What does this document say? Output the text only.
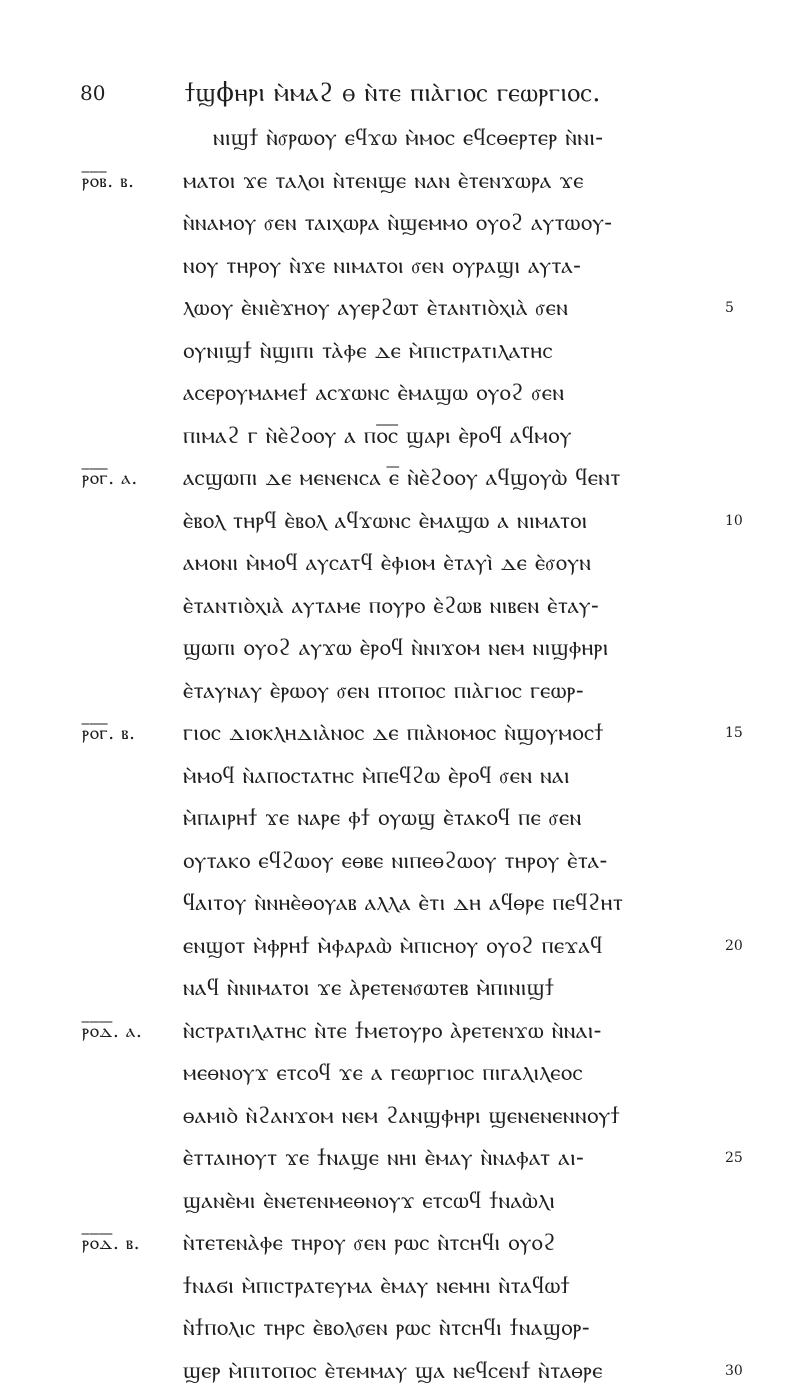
80	ϯϣϕⲏⲣⲓ ⲙ̀ⲙⲁϩ ⲑ ⲛ̀ⲧⲉ ⲡⲓⲁ̀ⲅⲓⲟⲥ ⲅⲉⲱⲣⲅⲓⲟⲥ.
ⲛⲓϣϯ ⲛ̀ⳝⲣⲱⲟⲩ ⲉϥϫⲱ ⲙ̀ⲙⲟⲥ ⲉϥⲥⲑⲉⲣⲧⲉⲣ ⲛ̀ⲛⲓ-
ⲣ̅ⲟ̅ⲃ̅. ⲃ. ⲙⲁⲧⲟⲓ ϫⲉ ⲧⲁⲗⲟⲓ ⲛ̀ⲧⲉⲛϣⲉ ⲛⲁⲛ ⲉ̀ⲧⲉⲛϫⲱⲣⲁ ϫⲉ
ⲛ̀ⲛⲁⲙⲟⲩ ⳝⲉⲛ ⲧⲁⲓⲭⲱⲣⲁ ⲛ̀ϣⲉⲙⲙⲟ ⲟⲩⲟϩ ⲁⲩⲧⲱⲟⲩ-
ⲛⲟⲩ ⲧⲏⲣⲟⲩ ⲛ̀ϫⲉ ⲛⲓⲙⲁⲧⲟⲓ ⳝⲉⲛ ⲟⲩⲣⲁϣⲓ ⲁⲩⲧⲁ-
ⲗⲱⲟⲩ ⲉ̀ⲛⲓⲉ̀ϫⲏⲟⲩ ⲁⲩⲉⲣϩⲱⲧ ⲉ̀ⲧⲁⲛⲧⲓⲟ̀ⲭⲓⲁ̀ ⳝⲉⲛ	5
ⲟⲩⲛⲓϣϯ ⲛ̀ϣⲓⲡⲓ ⲧⲁ̀ⲫⲉ ⲇⲉ ⲙ̀ⲡⲓⲥⲧⲣⲁⲧⲓⲗⲁⲧⲏⲥ
ⲁⲥⲉⲣⲟⲩⲙⲁⲙⲉϯ ⲁⲥϫⲱⲛⲥ ⲉ̀ⲙⲁϣⲱ ⲟⲩⲟϩ ⳝⲉⲛ
ⲡⲓⲙⲁϩ ⲅ ⲛ̀ⲉ̀ϩⲟⲟⲩ ⲁ ⲡⲟ̅ⲥ̅ ϣⲁⲣⲓ ⲉ̀ⲣⲟϥ ⲁϥⲙⲟⲩ
ⲣ̅ⲟ̅ⲅ̅. ⲁ. ⲁⲥϣⲱⲡⲓ ⲇⲉ ⲙⲉⲛⲉⲛⲥⲁ ⲉ̅ ⲛ̀ⲉ̀ϩⲟⲟⲩ ⲁϥϣⲟⲩⲱ̀ ϥⲉⲛⲧ
ⲉ̀ⲃⲟⲗ ⲧⲏⲣϥ ⲉ̀ⲃⲟⲗ ⲁϥϫⲱⲛⲥ ⲉ̀ⲙⲁϣⲱ ⲁ ⲛⲓⲙⲁⲧⲟⲓ	10
ⲁⲙⲟⲛⲓ ⲙ̀ⲙⲟϥ ⲁⲩⲥⲁⲧϥ ⲉ̀ⲫⲓⲟⲙ ⲉ̀ⲧⲁⲩⲓ̀ ⲇⲉ ⲉ̀ⳝⲟⲩⲛ
ⲉ̀ⲧⲁⲛⲧⲓⲟ̀ⲭⲓⲁ̀ ⲁⲩⲧⲁⲙⲉ ⲡⲟⲩⲣⲟ ⲉ̀ϩⲱⲃ ⲛⲓⲃⲉⲛ ⲉ̀ⲧⲁⲩ-
ϣⲱⲡⲓ ⲟⲩⲟϩ ⲁⲩϫⲱ ⲉ̀ⲣⲟϥ ⲛ̀ⲛⲓϫⲟⲙ ⲛⲉⲙ ⲛⲓϣⲫⲏⲣⲓ
ⲉ̀ⲧⲁⲩⲛⲁⲩ ⲉ̀ⲣⲱⲟⲩ ⳝⲉⲛ ⲡⲧⲟⲡⲟⲥ ⲡⲓⲁ̀ⲅⲓⲟⲥ ⲅⲉⲱⲣ-
ⲣ̅ⲟ̅ⲅ̅. ⲃ. ⲅⲓⲟⲥ ⲇⲓⲟⲕⲗⲏⲇⲓⲁ̀ⲛⲟⲥ ⲇⲉ ⲡⲓⲁ̀ⲛⲟⲙⲟⲥ ⲛ̀ϣⲟⲩⲙⲟⲥϯ	15
ⲙ̀ⲙⲟϥ ⲛ̀ⲁⲡⲟⲥⲧⲁⲧⲏⲥ ⲙ̀ⲡⲉϥϩⲱ ⲉ̀ⲣⲟϥ ⳝⲉⲛ ⲛⲁⲓ
ⲙ̀ⲡⲁⲓⲣⲏϯ ϫⲉ ⲛⲁⲣⲉ ⲫϯ ⲟⲩⲱϣ ⲉ̀ⲧⲁⲕⲟϥ ⲡⲉ ⳝⲉⲛ
ⲟⲩⲧⲁⲕⲟ ⲉϥϩⲱⲟⲩ ⲉⲑⲃⲉ ⲛⲓⲡⲉⲑϩⲱⲟⲩ ⲧⲏⲣⲟⲩ ⲉ̀ⲧⲁ-
ϥⲁⲓⲧⲟⲩ ⲛ̀ⲛⲏⲉ̀ⲑⲟⲩⲁⲃ ⲁⲗⲗⲁ ⲉ̀ⲧⲓ ⲇⲏ ⲁϥⲑⲣⲉ ⲡⲉϥϩⲏⲧ
ⲉⲛϣⲟⲧ ⲙ̀ⲫⲣⲏϯ ⲙ̀ⲫⲁⲣⲁⲱ̀ ⲙ̀ⲡⲓⲥⲏⲟⲩ ⲟⲩⲟϩ ⲡⲉϫⲁϥ	20
ⲛⲁϥ ⲛ̀ⲛⲓⲙⲁⲧⲟⲓ ϫⲉ ⲁ̀ⲣⲉⲧⲉⲛⳝⲱⲧⲉⲃ ⲙ̀ⲡⲓⲛⲓϣϯ
ⲣ̅ⲟ̅ⲇ̅. ⲁ. ⲛ̀ⲥⲧⲣⲁⲧⲓⲗⲁⲧⲏⲥ ⲛ̀ⲧⲉ ϯⲙⲉⲧⲟⲩⲣⲟ ⲁ̀ⲣⲉⲧⲉⲛϫⲱ ⲛ̀ⲛⲁⲓ-
ⲙⲉⲑⲛⲟⲩϫ ⲉⲧⲥⲟϥ ϫⲉ ⲁ ⲅⲉⲱⲣⲅⲓⲟⲥ ⲡⲓⲅⲁⲗⲓⲗⲉⲟⲥ
ⲑⲁⲙⲓⲟ̀ ⲛ̀ϩⲁⲛϫⲟⲙ ⲛⲉⲙ ϩⲁⲛϣⲫⲏⲣⲓ ϣⲉⲛⲉⲛⲉⲛⲛⲟⲩϯ
ⲉ̀ⲧⲧⲁⲓⲏⲟⲩⲧ ϫⲉ ϯⲛⲁϣⲉ ⲛⲏⲓ ⲉ̀ⲙⲁⲩ ⲛ̀ⲛⲁⲫⲁⲧ ⲁⲓ-	25
ϣⲁⲛⲉ̀ⲙⲓ ⲉ̀ⲛⲉⲧⲉⲛⲙⲉⲑⲛⲟⲩϫ ⲉⲧⲥⲱϥ ϯⲛⲁⲱ̀ⲗⲓ
ⲣ̅ⲟ̅ⲇ̅. ⲃ. ⲛ̀ⲧⲉⲧⲉⲛⲁ̀ⲫⲉ ⲧⲏⲣⲟⲩ ⳝⲉⲛ ⲣⲱⲥ ⲛ̀ⲧⲥⲏϥⲓ ⲟⲩⲟϩ
ϯⲛⲁϭⲓ ⲙ̀ⲡⲓⲥⲧⲣⲁⲧⲉⲩⲙⲁ ⲉ̀ⲙⲁⲩ ⲛⲉⲙⲏⲓ ⲛ̀ⲧⲁϥⲱϯ
ⲛ̀ϯⲡⲟⲗⲓⲥ ⲧⲏⲣⲥ ⲉ̀ⲃⲟⲗⳝⲉⲛ ⲣⲱⲥ ⲛ̀ⲧⲥⲏϥⲓ ϯⲛⲁϣⲟⲣ-
ϣⲉⲣ ⲙ̀ⲡⲓⲧⲟⲡⲟⲥ ⲉ̀ⲧⲉⲙⲙⲁⲩ ϣⲁ ⲛⲉϥⲥⲉⲛϯ ⲛ̀ⲧⲁⲑⲣⲉ	30
